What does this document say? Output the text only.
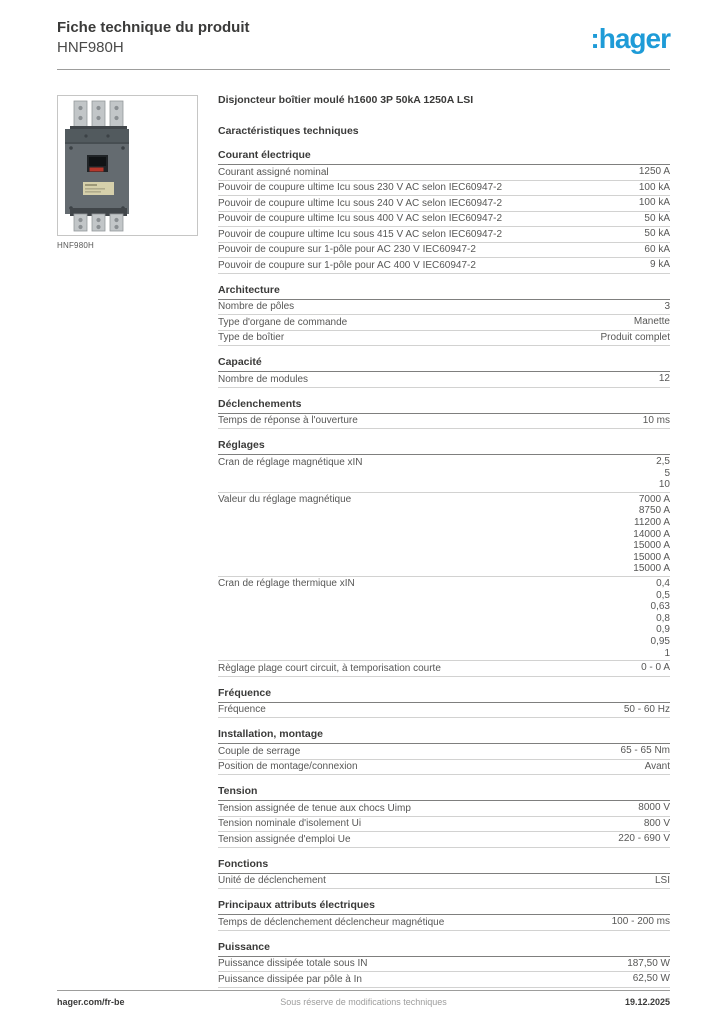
Fiche technique du produit
HNF980H	:hager
HNF980H
Disjoncteur boîtier moulé h1600 3P 50kA 1250A LSI
Caractéristiques techniques
Courant électrique
Courant assigné nominal	1250 A
Pouvoir de coupure ultime Icu sous 230 V AC selon IEC60947-2	100 kA
Pouvoir de coupure ultime Icu sous 240 V AC selon IEC60947-2	100 kA
Pouvoir de coupure ultime Icu sous 400 V AC selon IEC60947-2	50 kA
Pouvoir de coupure ultime Icu sous 415 V AC selon IEC60947-2	50 kA
Pouvoir de coupure sur 1-pôle pour AC 230 V IEC60947-2	60 kA
Pouvoir de coupure sur 1-pôle pour AC 400 V IEC60947-2	9 kA
Architecture
Nombre de pôles	3
Type d'organe de commande	Manette
Type de boîtier	Produit complet
Capacité
Nombre de modules	12
Déclenchements
Temps de réponse à l'ouverture	10 ms
Réglages
Cran de réglage magnétique xIN	2,5
5
10
Valeur du réglage magnétique	7000 A
8750 A
11200 A
14000 A
15000 A
15000 A
15000 A
Cran de réglage thermique xIN	0,4
0,5
0,63
0,8
0,9
0,95
1
Règlage plage court circuit, à temporisation courte	0 - 0 A
Fréquence
Fréquence	50 - 60 Hz
Installation, montage
Couple de serrage	65 - 65 Nm
Position de montage/connexion	Avant
Tension
Tension assignée de tenue aux chocs Uimp	8000 V
Tension nominale d'isolement Ui	800 V
Tension assignée d'emploi Ue	220 - 690 V
Fonctions
Unité de déclenchement	LSI
Principaux attributs électriques
Temps de déclenchement déclencheur magnétique	100 - 200 ms
Puissance
Puissance dissipée totale sous IN	187,50 W
Puissance dissipée par pôle à In	62,50 W
Sous réserve de modifications techniques
hager.com/fr-be	19.12.2025
